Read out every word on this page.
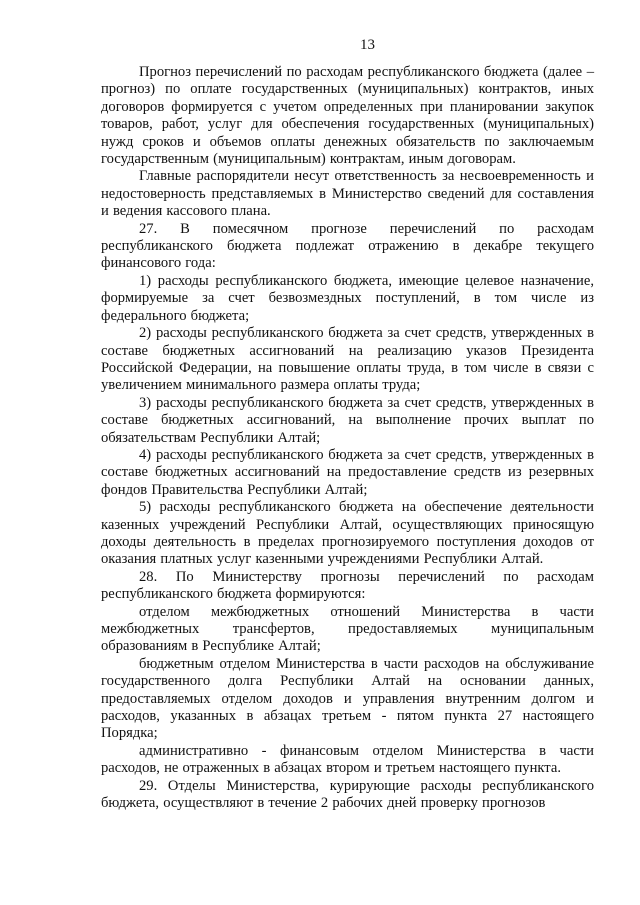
13

Прогноз перечислений по расходам республиканского бюджета (далее – прогноз) по оплате государственных (муниципальных) контрактов, иных договоров формируется с учетом определенных при планировании закупок товаров, работ, услуг для обеспечения государственных (муниципальных) нужд сроков и объемов оплаты денежных обязательств по заключаемым государственным (муниципальным) контрактам, иным договорам.

Главные распорядители несут ответственность за несвоевременность и недостоверность представляемых в Министерство сведений для составления и ведения кассового плана.

27. В помесячном прогнозе перечислений по расходам республиканского бюджета подлежат отражению в декабре текущего финансового года:

1) расходы республиканского бюджета, имеющие целевое назначение, формируемые за счет безвозмездных поступлений, в том числе из федерального бюджета;

2) расходы республиканского бюджета за счет средств, утвержденных в составе бюджетных ассигнований на реализацию указов Президента Российской Федерации, на повышение оплаты труда, в том числе в связи с увеличением минимального размера оплаты труда;

3) расходы республиканского бюджета за счет средств, утвержденных в составе бюджетных ассигнований, на выполнение прочих выплат по обязательствам Республики Алтай;

4) расходы республиканского бюджета за счет средств, утвержденных в составе бюджетных ассигнований на предоставление средств из резервных фондов Правительства Республики Алтай;

5) расходы республиканского бюджета на обеспечение деятельности казенных учреждений Республики Алтай, осуществляющих приносящую доходы деятельность в пределах прогнозируемого поступления доходов от оказания платных услуг казенными учреждениями Республики Алтай.

28. По Министерству прогнозы перечислений по расходам республиканского бюджета формируются:

отделом межбюджетных отношений Министерства в части межбюджетных трансфертов, предоставляемых муниципальным образованиям в Республике Алтай;

бюджетным отделом Министерства в части расходов на обслуживание государственного долга Республики Алтай на основании данных, предоставляемых отделом доходов и управления внутренним долгом и расходов, указанных в абзацах третьем - пятом пункта 27 настоящего Порядка;

административно - финансовым отделом Министерства в части расходов, не отраженных в абзацах втором и третьем настоящего пункта.

29. Отделы Министерства, курирующие расходы республиканского бюджета, осуществляют в течение 2 рабочих дней проверку прогнозов
